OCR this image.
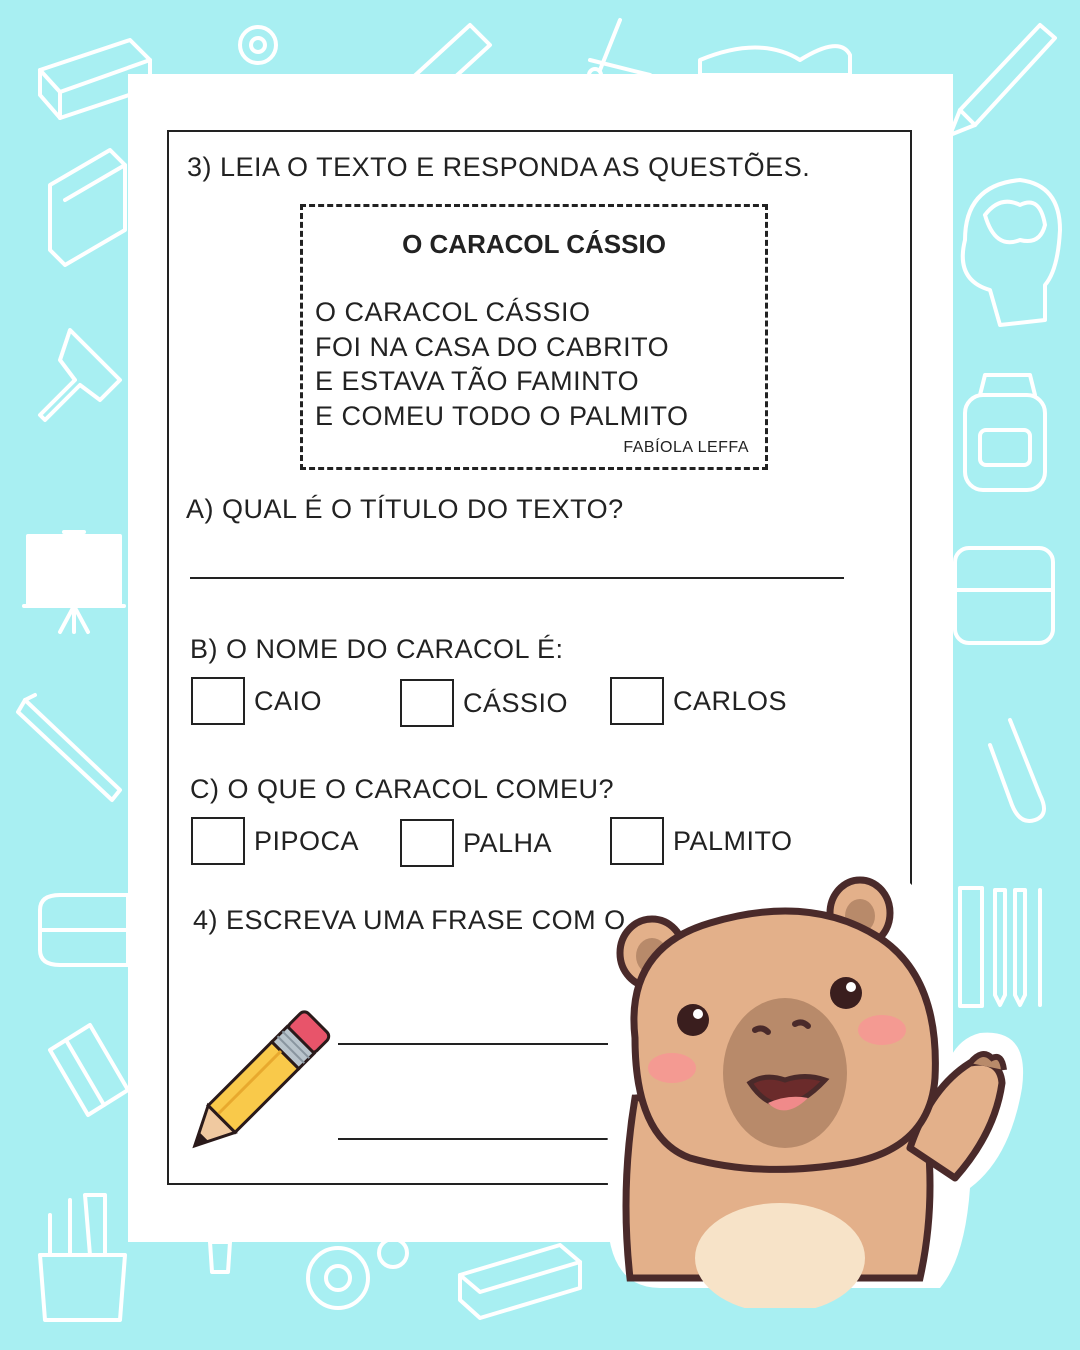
3) LEIA O TEXTO E RESPONDA AS QUESTÕES.
O CARACOL CÁSSIO
O CARACOL CÁSSIO
FOI NA CASA DO CABRITO
E ESTAVA TÃO FAMINTO
E COMEU TODO O PALMITO
FABÍOLA LEFFA
A) QUAL É O TÍTULO DO TEXTO?
B) O NOME DO CARACOL É:
CAIO	CÁSSIO	CARLOS
C) O QUE O CARACOL COMEU?
PIPOCA	PALHA	PALMITO
4) ESCREVA UMA FRASE COM O
